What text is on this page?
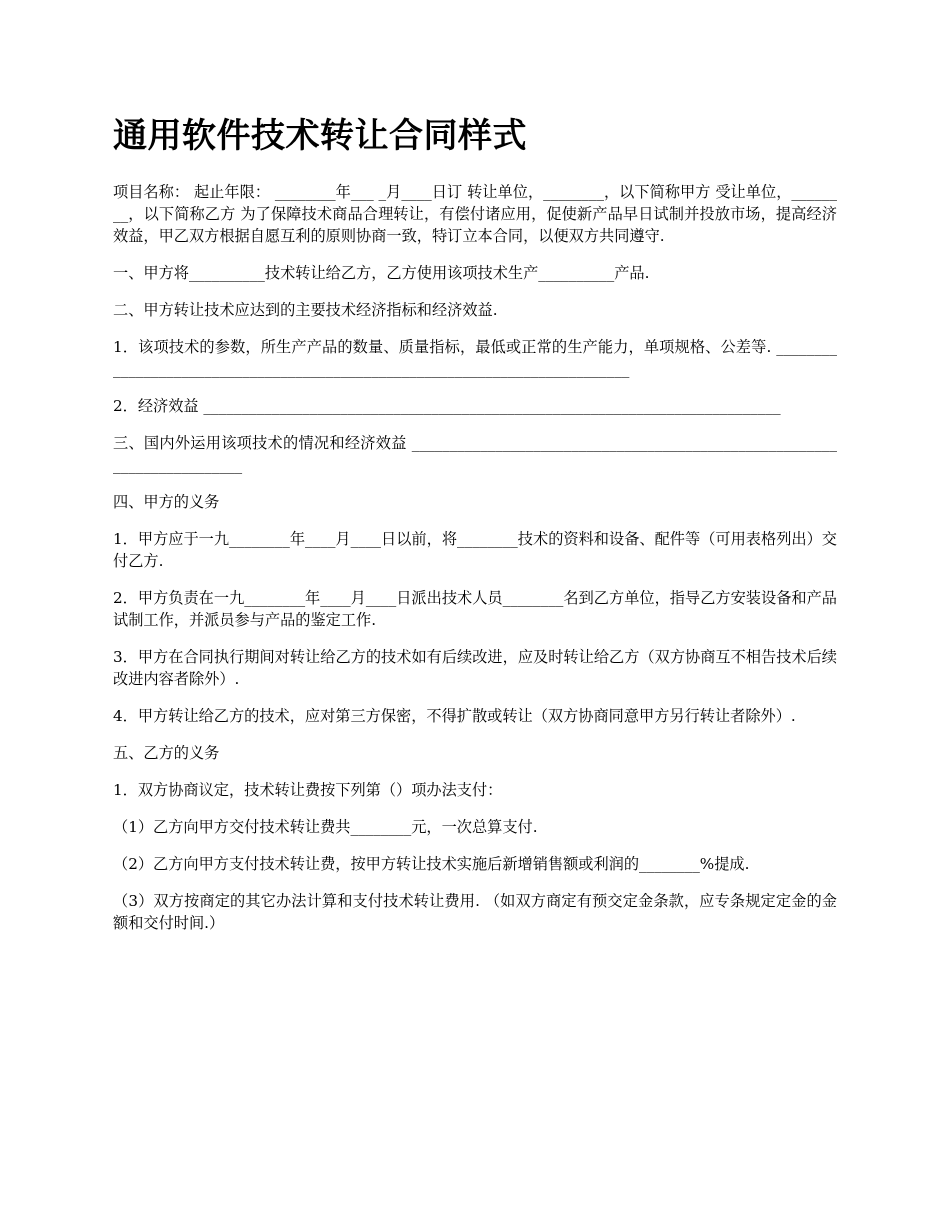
通用软件技术转让合同样式

项目名称： 起止年限： ________年___ _月____日订 转让单位，________，以下简称甲方 受让单位，________，以下简称乙方 为了保障技术商品合理转让，有偿付诸应用，促使新产品早日试制并投放市场，提高经济效益，甲乙双方根据自愿互利的原则协商一致，特订立本合同，以便双方共同遵守.

一、甲方将__________技术转让给乙方，乙方使用该项技术生产__________产品.

二、甲方转让技术应达到的主要技术经济指标和经济效益.

1．该项技术的参数，所生产产品的数量、质量指标，最低或正常的生产能力，单项规格、公差等. ____________________________________________________________________________

2．经济效益 ____________________________________________________________________________

三、国内外运用该项技术的情况和经济效益 _________________________________________________________________________

四、甲方的义务

1．甲方应于一九________年____月____日以前，将________技术的资料和设备、配件等（可用表格列出）交付乙方.

2．甲方负责在一九________年____月____日派出技术人员________名到乙方单位，指导乙方安装设备和产品试制工作，并派员参与产品的鉴定工作.

3．甲方在合同执行期间对转让给乙方的技术如有后续改进，应及时转让给乙方（双方协商互不相告技术后续改进内容者除外）.

4．甲方转让给乙方的技术，应对第三方保密，不得扩散或转让（双方协商同意甲方另行转让者除外）.

五、乙方的义务

1．双方协商议定，技术转让费按下列第（）项办法支付：

（1）乙方向甲方交付技术转让费共________元，一次总算支付.

（2）乙方向甲方支付技术转让费，按甲方转让技术实施后新增销售额或利润的________%提成.

（3）双方按商定的其它办法计算和支付技术转让费用. （如双方商定有预交定金条款，应专条规定定金的金额和交付时间.）
